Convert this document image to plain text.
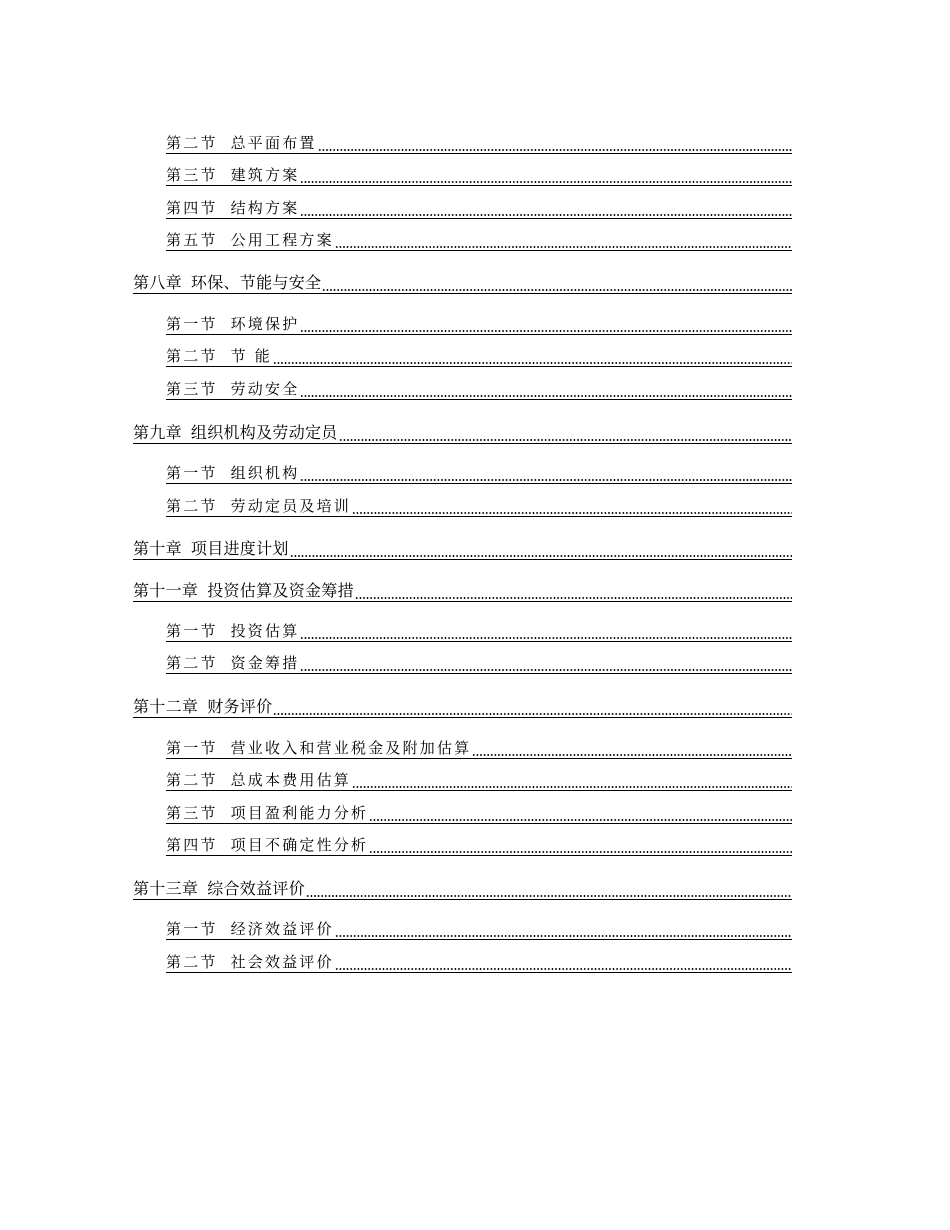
第二节 总平面布置
第三节 建筑方案
第四节 结构方案
第五节 公用工程方案
第八章 环保、节能与安全
第一节 环境保护
第二节 节 能
第三节 劳动安全
第九章 组织机构及劳动定员
第一节 组织机构
第二节 劳动定员及培训
第十章 项目进度计划
第十一章 投资估算及资金筹措
第一节 投资估算
第二节 资金筹措
第十二章 财务评价
第一节 营业收入和营业税金及附加估算
第二节 总成本费用估算
第三节 项目盈利能力分析
第四节 项目不确定性分析
第十三章 综合效益评价
第一节 经济效益评价
第二节 社会效益评价
